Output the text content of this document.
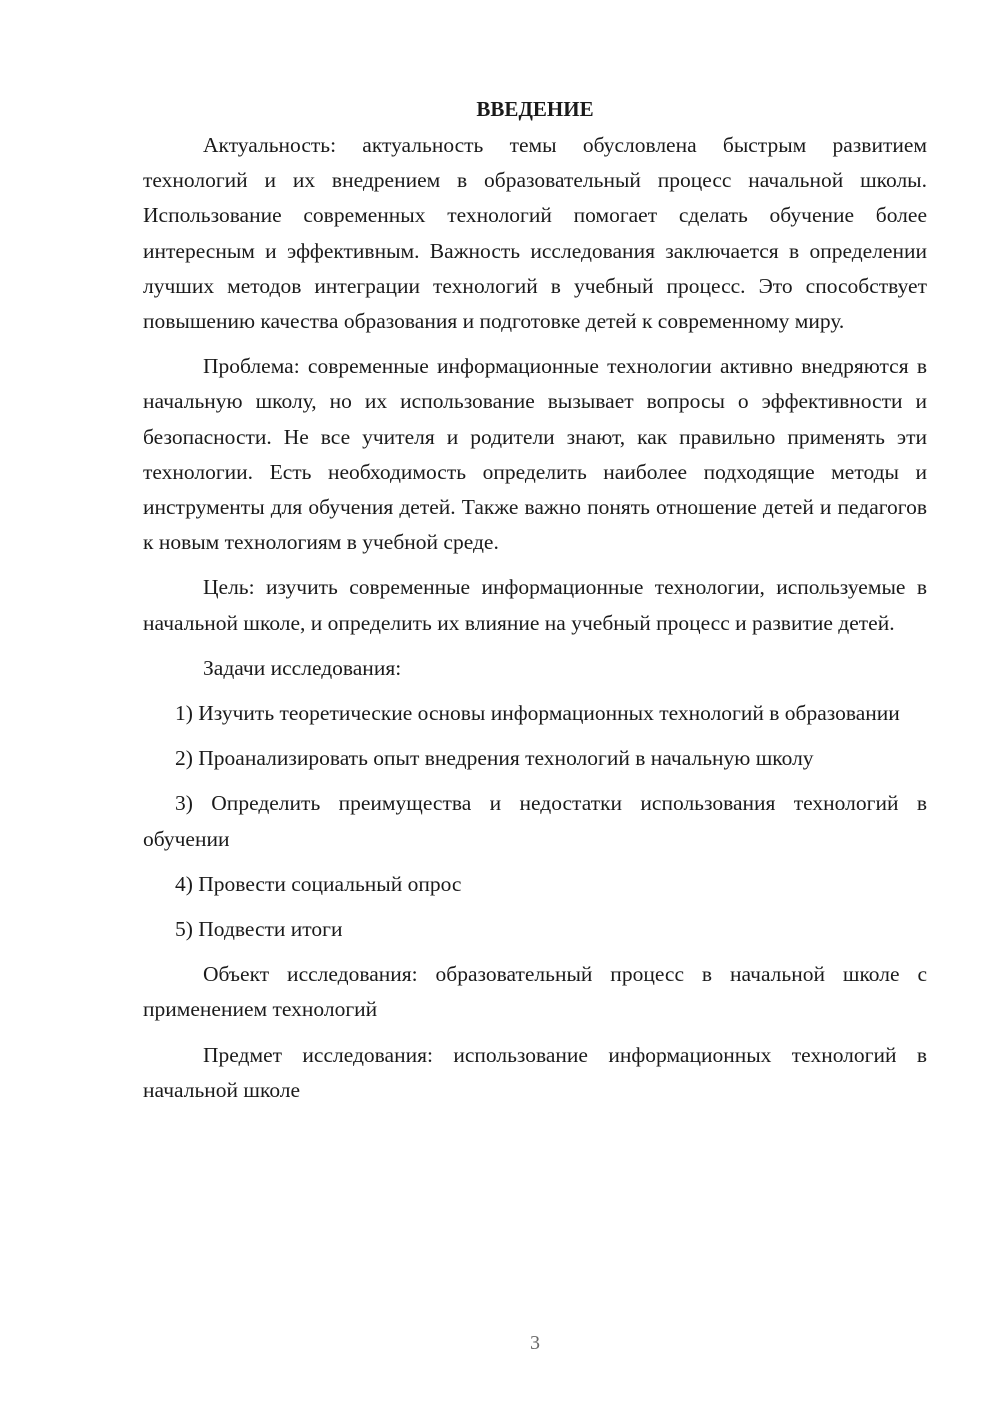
ВВЕДЕНИЕ

Актуальность: актуальность темы обусловлена быстрым развитием технологий и их внедрением в образовательный процесс начальной школы. Использование современных технологий помогает сделать обучение более интересным и эффективным. Важность исследования заключается в определении лучших методов интеграции технологий в учебный процесс. Это способствует повышению качества образования и подготовке детей к современному миру.

Проблема: современные информационные технологии активно внедряются в начальную школу, но их использование вызывает вопросы о эффективности и безопасности. Не все учителя и родители знают, как правильно применять эти технологии. Есть необходимость определить наиболее подходящие методы и инструменты для обучения детей. Также важно понять отношение детей и педагогов к новым технологиям в учебной среде.

Цель: изучить современные информационные технологии, используемые в начальной школе, и определить их влияние на учебный процесс и развитие детей.

Задачи исследования:

1) Изучить теоретические основы информационных технологий в образовании

2) Проанализировать опыт внедрения технологий в начальную школу

3) Определить преимущества и недостатки использования технологий в обучении

4) Провести социальный опрос

5) Подвести итоги

Объект исследования: образовательный процесс в начальной школе с применением технологий

Предмет исследования: использование информационных технологий в начальной школе

3
